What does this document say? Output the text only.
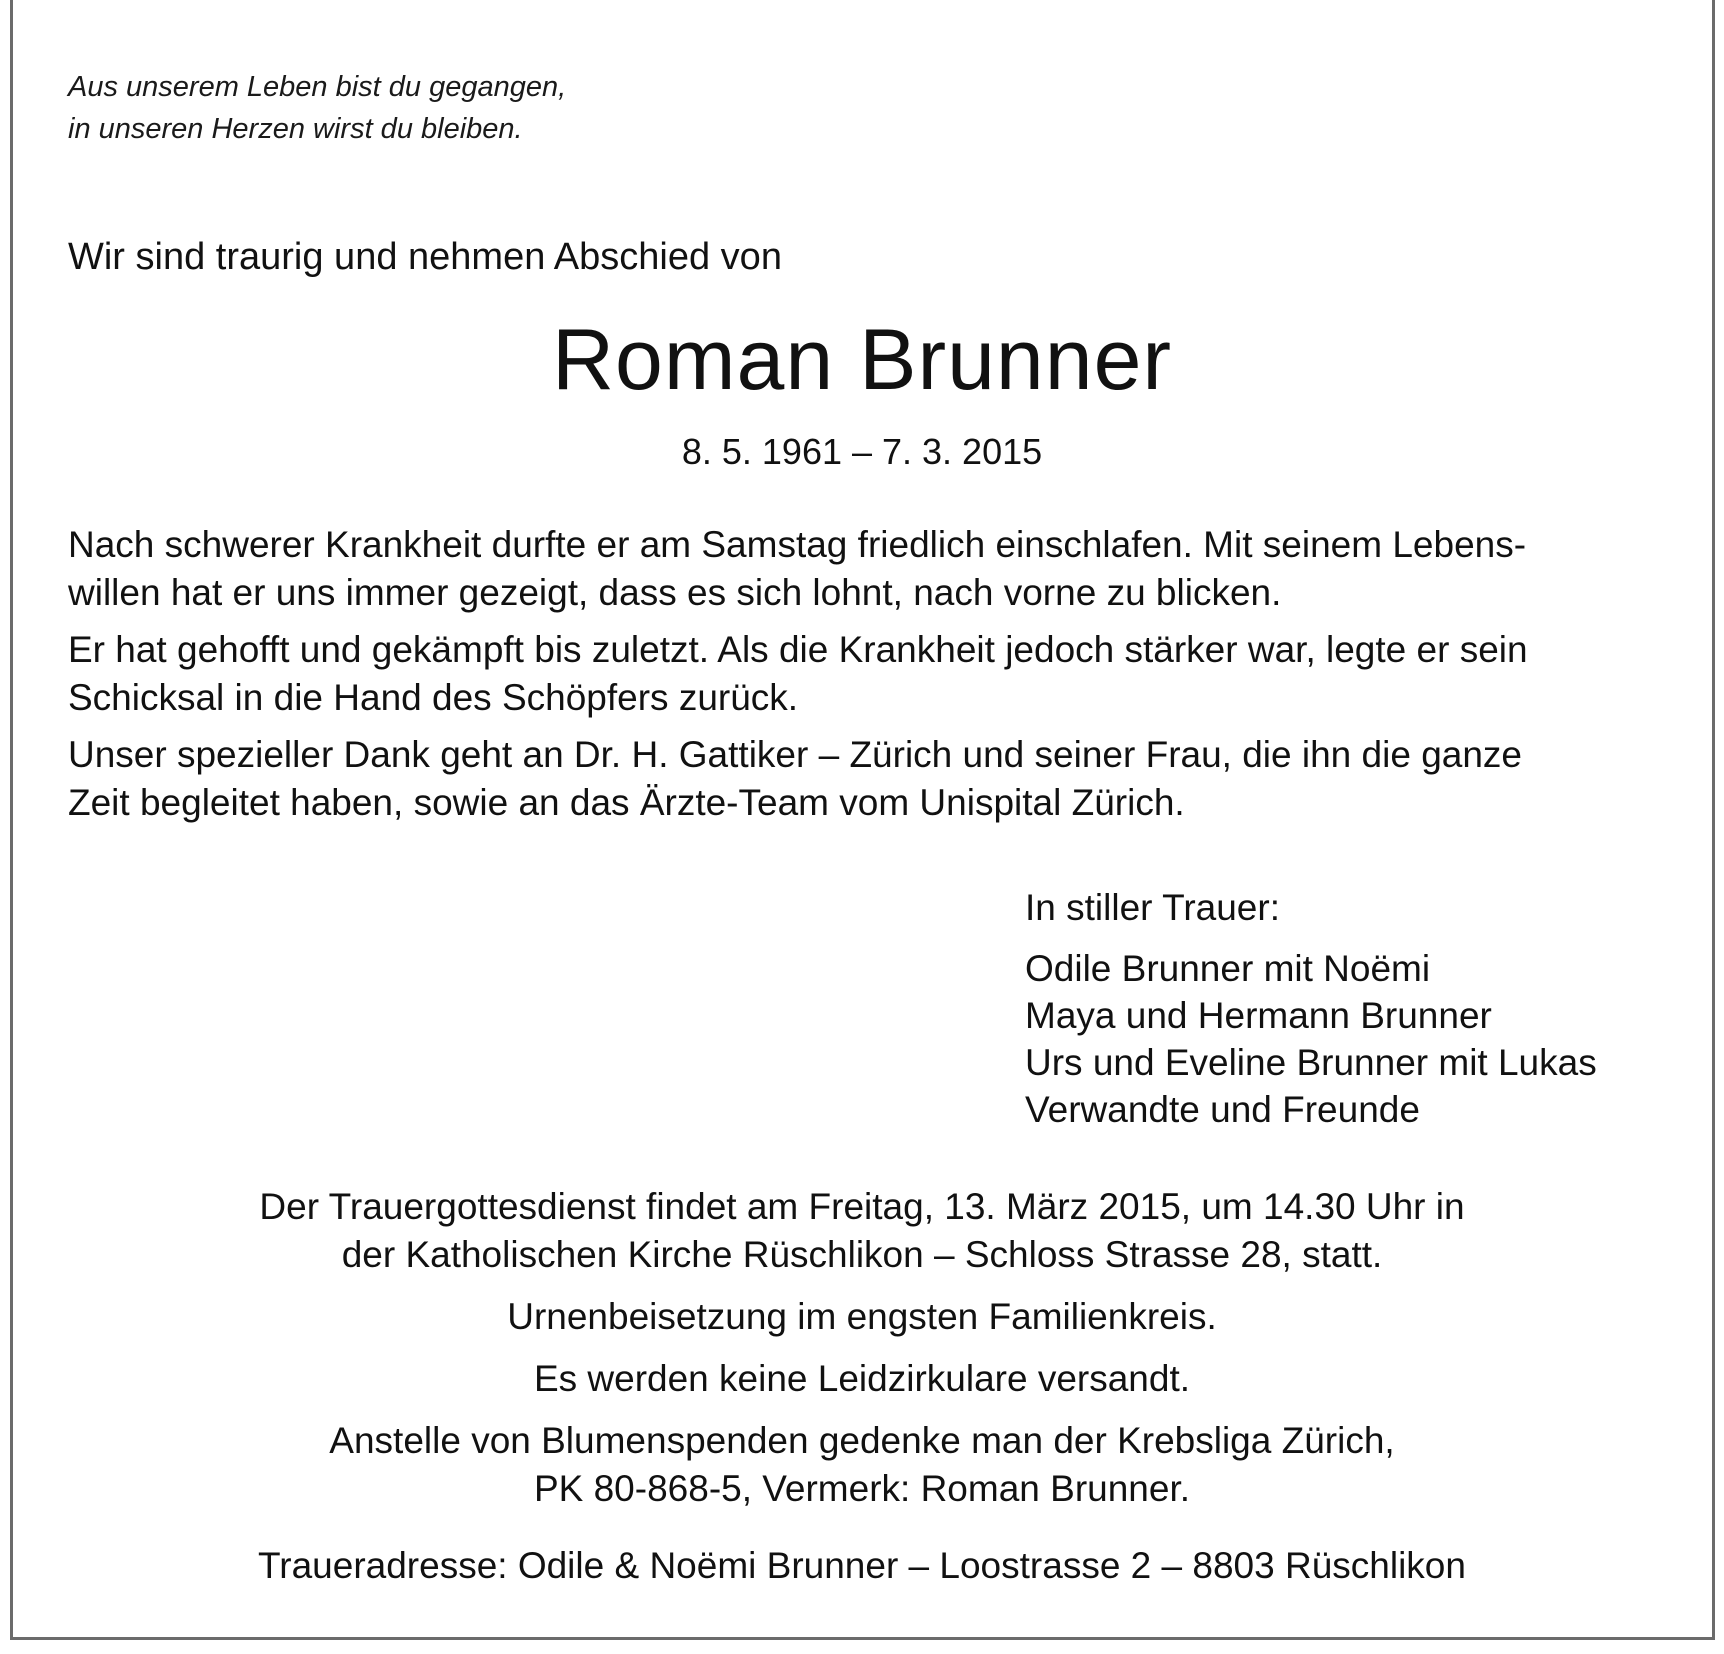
Aus unserem Leben bist du gegangen,
in unseren Herzen wirst du bleiben.
Wir sind traurig und nehmen Abschied von
Roman Brunner
8. 5. 1961 – 7. 3. 2015

Nach schwerer Krankheit durfte er am Samstag friedlich einschlafen. Mit seinem Lebens-
willen hat er uns immer gezeigt, dass es sich lohnt, nach vorne zu blicken.

Er hat gehofft und gekämpft bis zuletzt. Als die Krankheit jedoch stärker war, legte er sein
Schicksal in die Hand des Schöpfers zurück.

Unser spezieller Dank geht an Dr. H. Gattiker – Zürich und seiner Frau, die ihn die ganze
Zeit begleitet haben, sowie an das Ärzte-Team vom Unispital Zürich.

In stiller Trauer:
Odile Brunner mit Noëmi
Maya und Hermann Brunner
Urs und Eveline Brunner mit Lukas
Verwandte und Freunde

Der Trauergottesdienst findet am Freitag, 13. März 2015, um 14.30 Uhr in
der Katholischen Kirche Rüschlikon – Schloss Strasse 28, statt.

Urnenbeisetzung im engsten Familienkreis.

Es werden keine Leidzirkulare versandt.

Anstelle von Blumenspenden gedenke man der Krebsliga Zürich,
PK 80-868-5, Vermerk: Roman Brunner.

Traueradresse: Odile & Noëmi Brunner – Loostrasse 2 – 8803 Rüschlikon
